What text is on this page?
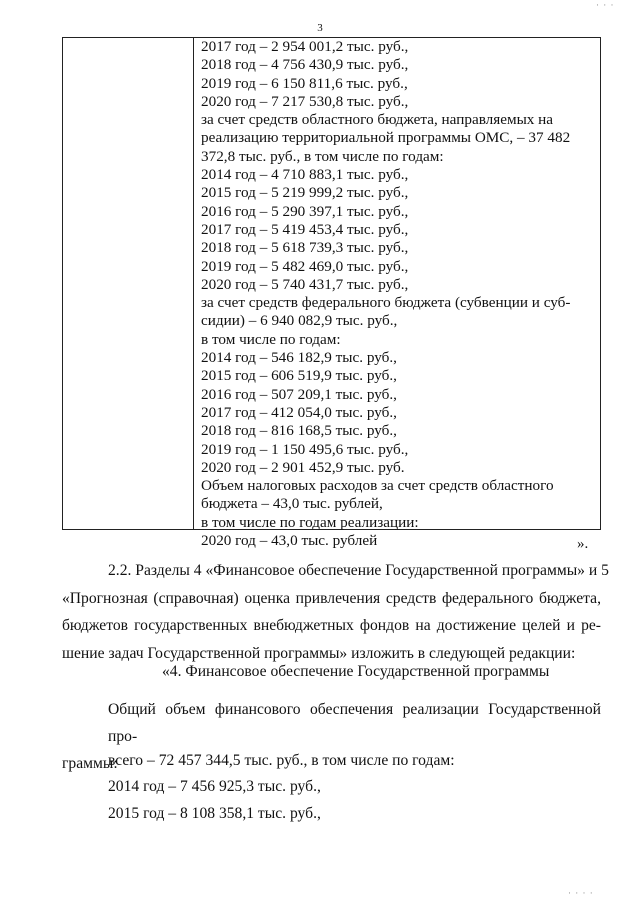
3
2017 год – 2 954 001,2 тыс. руб.,
2018 год – 4 756 430,9 тыс. руб.,
2019 год – 6 150 811,6 тыс. руб.,
2020 год – 7 217 530,8 тыс. руб.,
за счет средств областного бюджета, направляемых на
реализацию территориальной программы ОМС, – 37 482
372,8 тыс. руб., в том числе по годам:
2014 год – 4 710 883,1 тыс. руб.,
2015 год – 5 219 999,2 тыс. руб.,
2016 год – 5 290 397,1 тыс. руб.,
2017 год – 5 419 453,4 тыс. руб.,
2018 год – 5 618 739,3 тыс. руб.,
2019 год – 5 482 469,0 тыс. руб.,
2020 год – 5 740 431,7 тыс. руб.,
за счет средств федерального бюджета (субвенции и суб-
сидии) – 6 940 082,9 тыс. руб.,
в том числе по годам:
2014 год – 546 182,9 тыс. руб.,
2015 год – 606 519,9 тыс. руб.,
2016 год – 507 209,1 тыс. руб.,
2017 год – 412 054,0 тыс. руб.,
2018 год – 816 168,5 тыс. руб.,
2019 год – 1 150 495,6 тыс. руб.,
2020 год – 2 901 452,9 тыс. руб.
Объем налоговых расходов за счет средств областного
бюджета – 43,0 тыс. рублей,
в том числе по годам реализации:
2020 год – 43,0 тыс. рублей	».
2.2. Разделы 4 «Финансовое обеспечение Государственной программы» и 5
«Прогнозная (справочная) оценка привлечения средств федерального бюджета,
бюджетов государственных внебюджетных фондов на достижение целей и ре-
шение задач Государственной программы» изложить в следующей редакции:
«4. Финансовое обеспечение Государственной программы
Общий объем финансового обеспечения реализации Государственной про-
граммы:
всего – 72 457 344,5 тыс. руб., в том числе по годам:
2014 год – 7 456 925,3 тыс. руб.,
2015 год – 8 108 358,1 тыс. руб.,
· · ·
· · · ·
